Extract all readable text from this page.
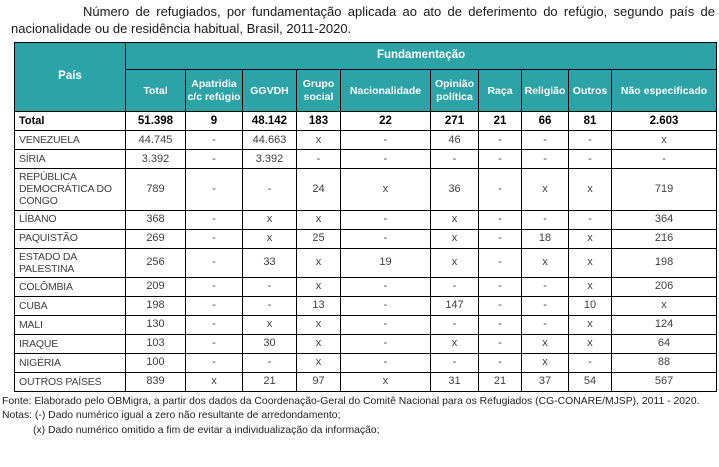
Número de refugiados, por fundamentação aplicada ao ato de deferimento do refúgio, segundo país de nacionalidade ou de residência habitual, Brasil, 2011-2020.

País	Fundamentação									
	Total	Apatridia c/c refúgio	GGVDH	Grupo social	Nacionalidade	Opinião política	Raça	Religião	Outros	Não especificado
Total	51.398	9	48.142	183	22	271	21	66	81	2.603
VENEZUELA	44.745	-	44.663	x	-	46	-	-	-	x
SÍRIA	3.392	-	3.392	-	-	-	-	-	-	-
REPÚBLICA DEMOCRÁTICA DO CONGO	789	-	-	24	x	36	-	x	x	719
LÍBANO	368	-	x	x	-	x	-	-	-	364
PAQUISTÃO	269	-	x	25	-	x	-	18	x	216
ESTADO DA PALESTINA	256	-	33	x	19	x	-	x	x	198
COLÔMBIA	209	-	-	x	-	-	-	-	x	206
CUBA	198	-	-	13	-	147	-	-	10	x
MALI	130	-	x	x	-	-	-	-	x	124
IRAQUE	103	-	30	x	-	x	-	x	x	64
NIGÉRIA	100	-	-	x	-	-	-	x	-	88
OUTROS PAÍSES	839	x	21	97	x	31	21	37	54	567

Fonte: Elaborado pelo OBMigra, a partir dos dados da Coordenação-Geral do Comitê Nacional para os Refugiados (CG-CONARE/MJSP), 2011 - 2020.

Notas: (-) Dado numérico igual a zero não resultante de arredondamento;

(x) Dado numérico omitido a fim de evitar a individualização da informação;
